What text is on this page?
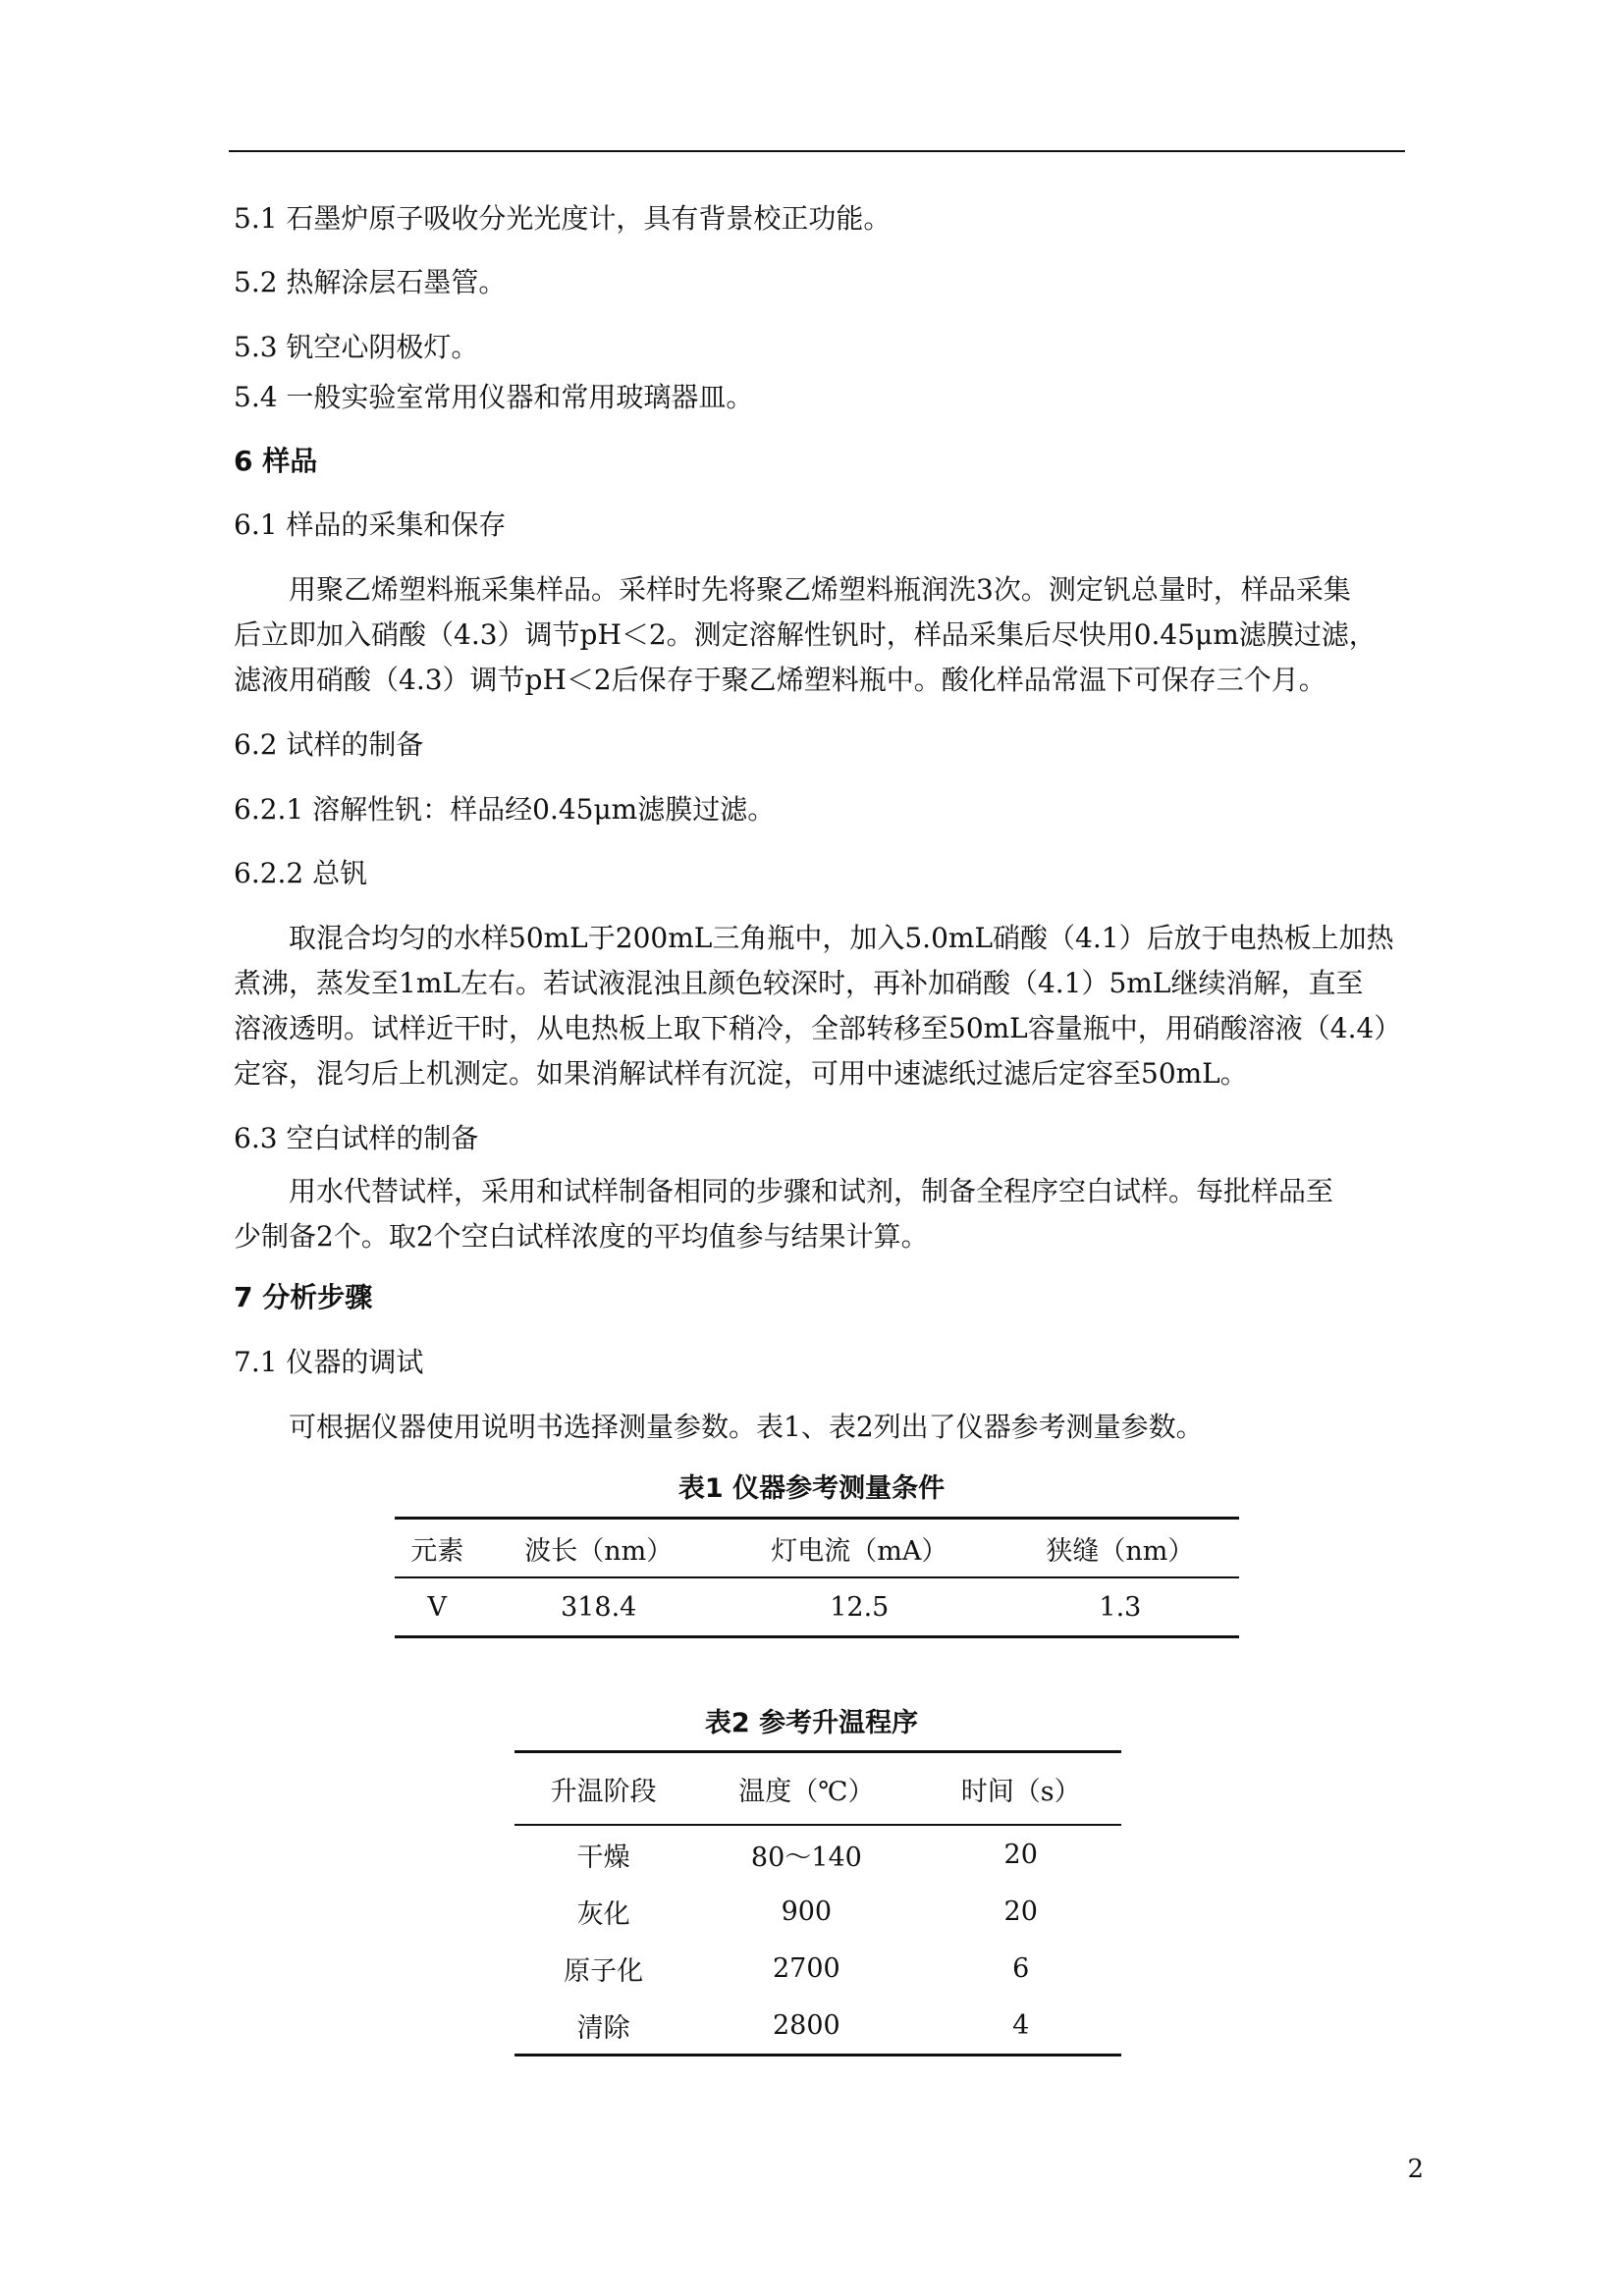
5.1 石墨炉原子吸收分光光度计，具有背景校正功能。
5.2 热解涂层石墨管。
5.3 钒空心阴极灯。
5.4 一般实验室常用仪器和常用玻璃器皿。
6 样品
6.1 样品的采集和保存

用聚乙烯塑料瓶采集样品。采样时先将聚乙烯塑料瓶润洗3次。测定钒总量时，样品采集

后立即加入硝酸（4.3）调节pH＜2。测定溶解性钒时，样品采集后尽快用0.45μm滤膜过滤，

滤液用硝酸（4.3）调节pH＜2后保存于聚乙烯塑料瓶中。酸化样品常温下可保存三个月。

6.2 试样的制备
6.2.1 溶解性钒：样品经0.45μm滤膜过滤。
6.2.2 总钒

取混合均匀的水样50mL于200mL三角瓶中，加入5.0mL硝酸（4.1）后放于电热板上加热

煮沸，蒸发至1mL左右。若试液混浊且颜色较深时，再补加硝酸（4.1）5mL继续消解，直至

溶液透明。试样近干时，从电热板上取下稍冷，全部转移至50mL容量瓶中，用硝酸溶液（4.4）

定容，混匀后上机测定。如果消解试样有沉淀，可用中速滤纸过滤后定容至50mL。

6.3 空白试样的制备

用水代替试样，采用和试样制备相同的步骤和试剂，制备全程序空白试样。每批样品至

少制备2个。取2个空白试样浓度的平均值参与结果计算。

7 分析步骤
7.1 仪器的调试
可根据仪器使用说明书选择测量参数。表1、表2列出了仪器参考测量参数。
表1 仪器参考测量条件
元素	波长（nm）	灯电流（mA）	狭缝（nm）
V	318.4	12.5	1.3
表2 参考升温程序
升温阶段	温度（℃）	时间（s）
干燥	80～140	20
灰化	900	20
原子化	2700	6
清除	2800	4
2
